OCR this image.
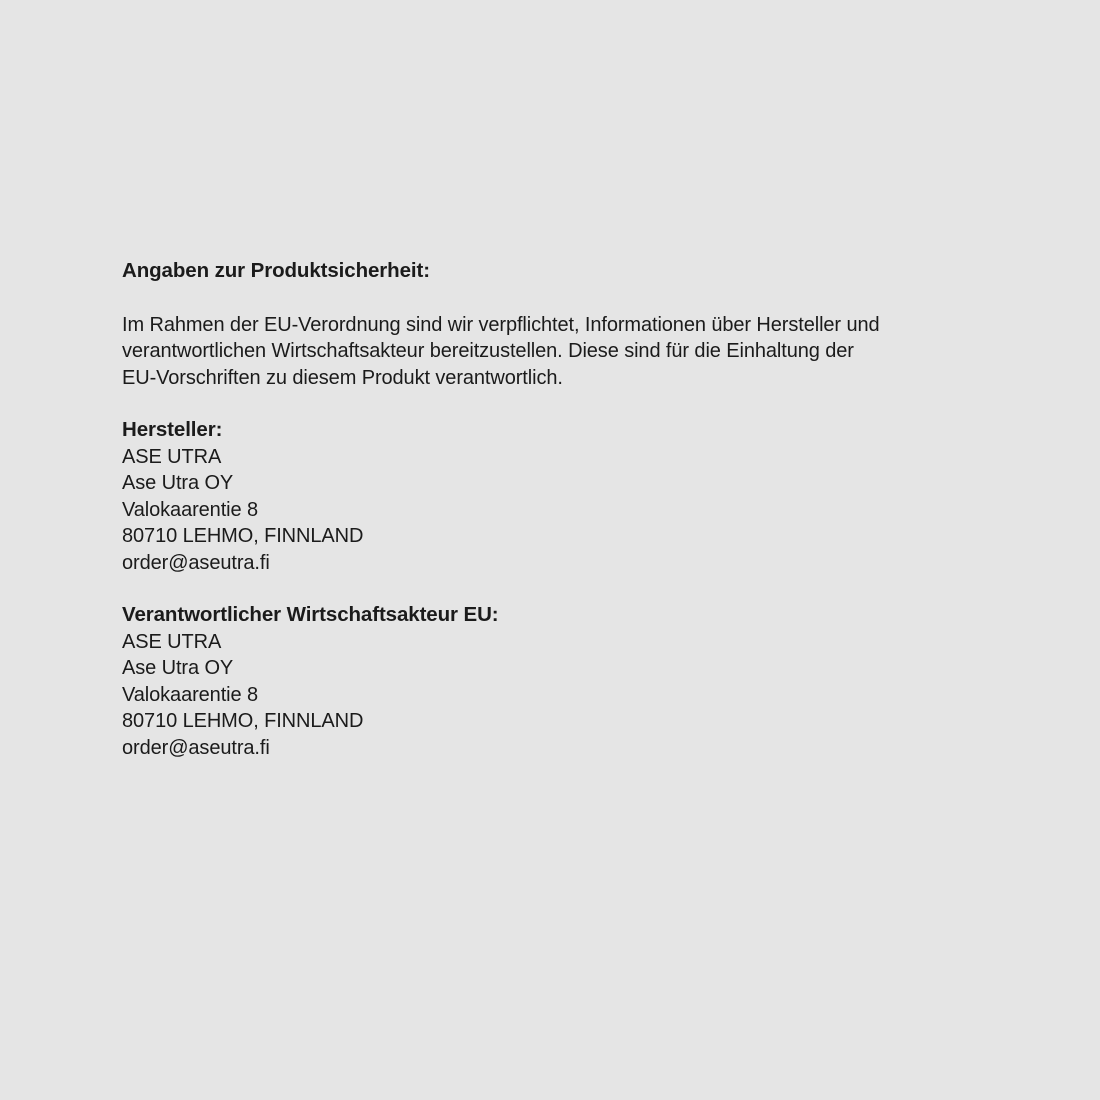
Angaben zur Produktsicherheit:
Im Rahmen der EU-Verordnung sind wir verpflichtet, Informationen über Hersteller und
verantwortlichen Wirtschaftsakteur bereitzustellen. Diese sind für die Einhaltung der
EU-Vorschriften zu diesem Produkt verantwortlich.
Hersteller:
ASE UTRA
Ase Utra OY
Valokaarentie 8
80710 LEHMO, FINNLAND
order@aseutra.fi
Verantwortlicher Wirtschaftsakteur EU:
ASE UTRA
Ase Utra OY
Valokaarentie 8
80710 LEHMO, FINNLAND
order@aseutra.fi
